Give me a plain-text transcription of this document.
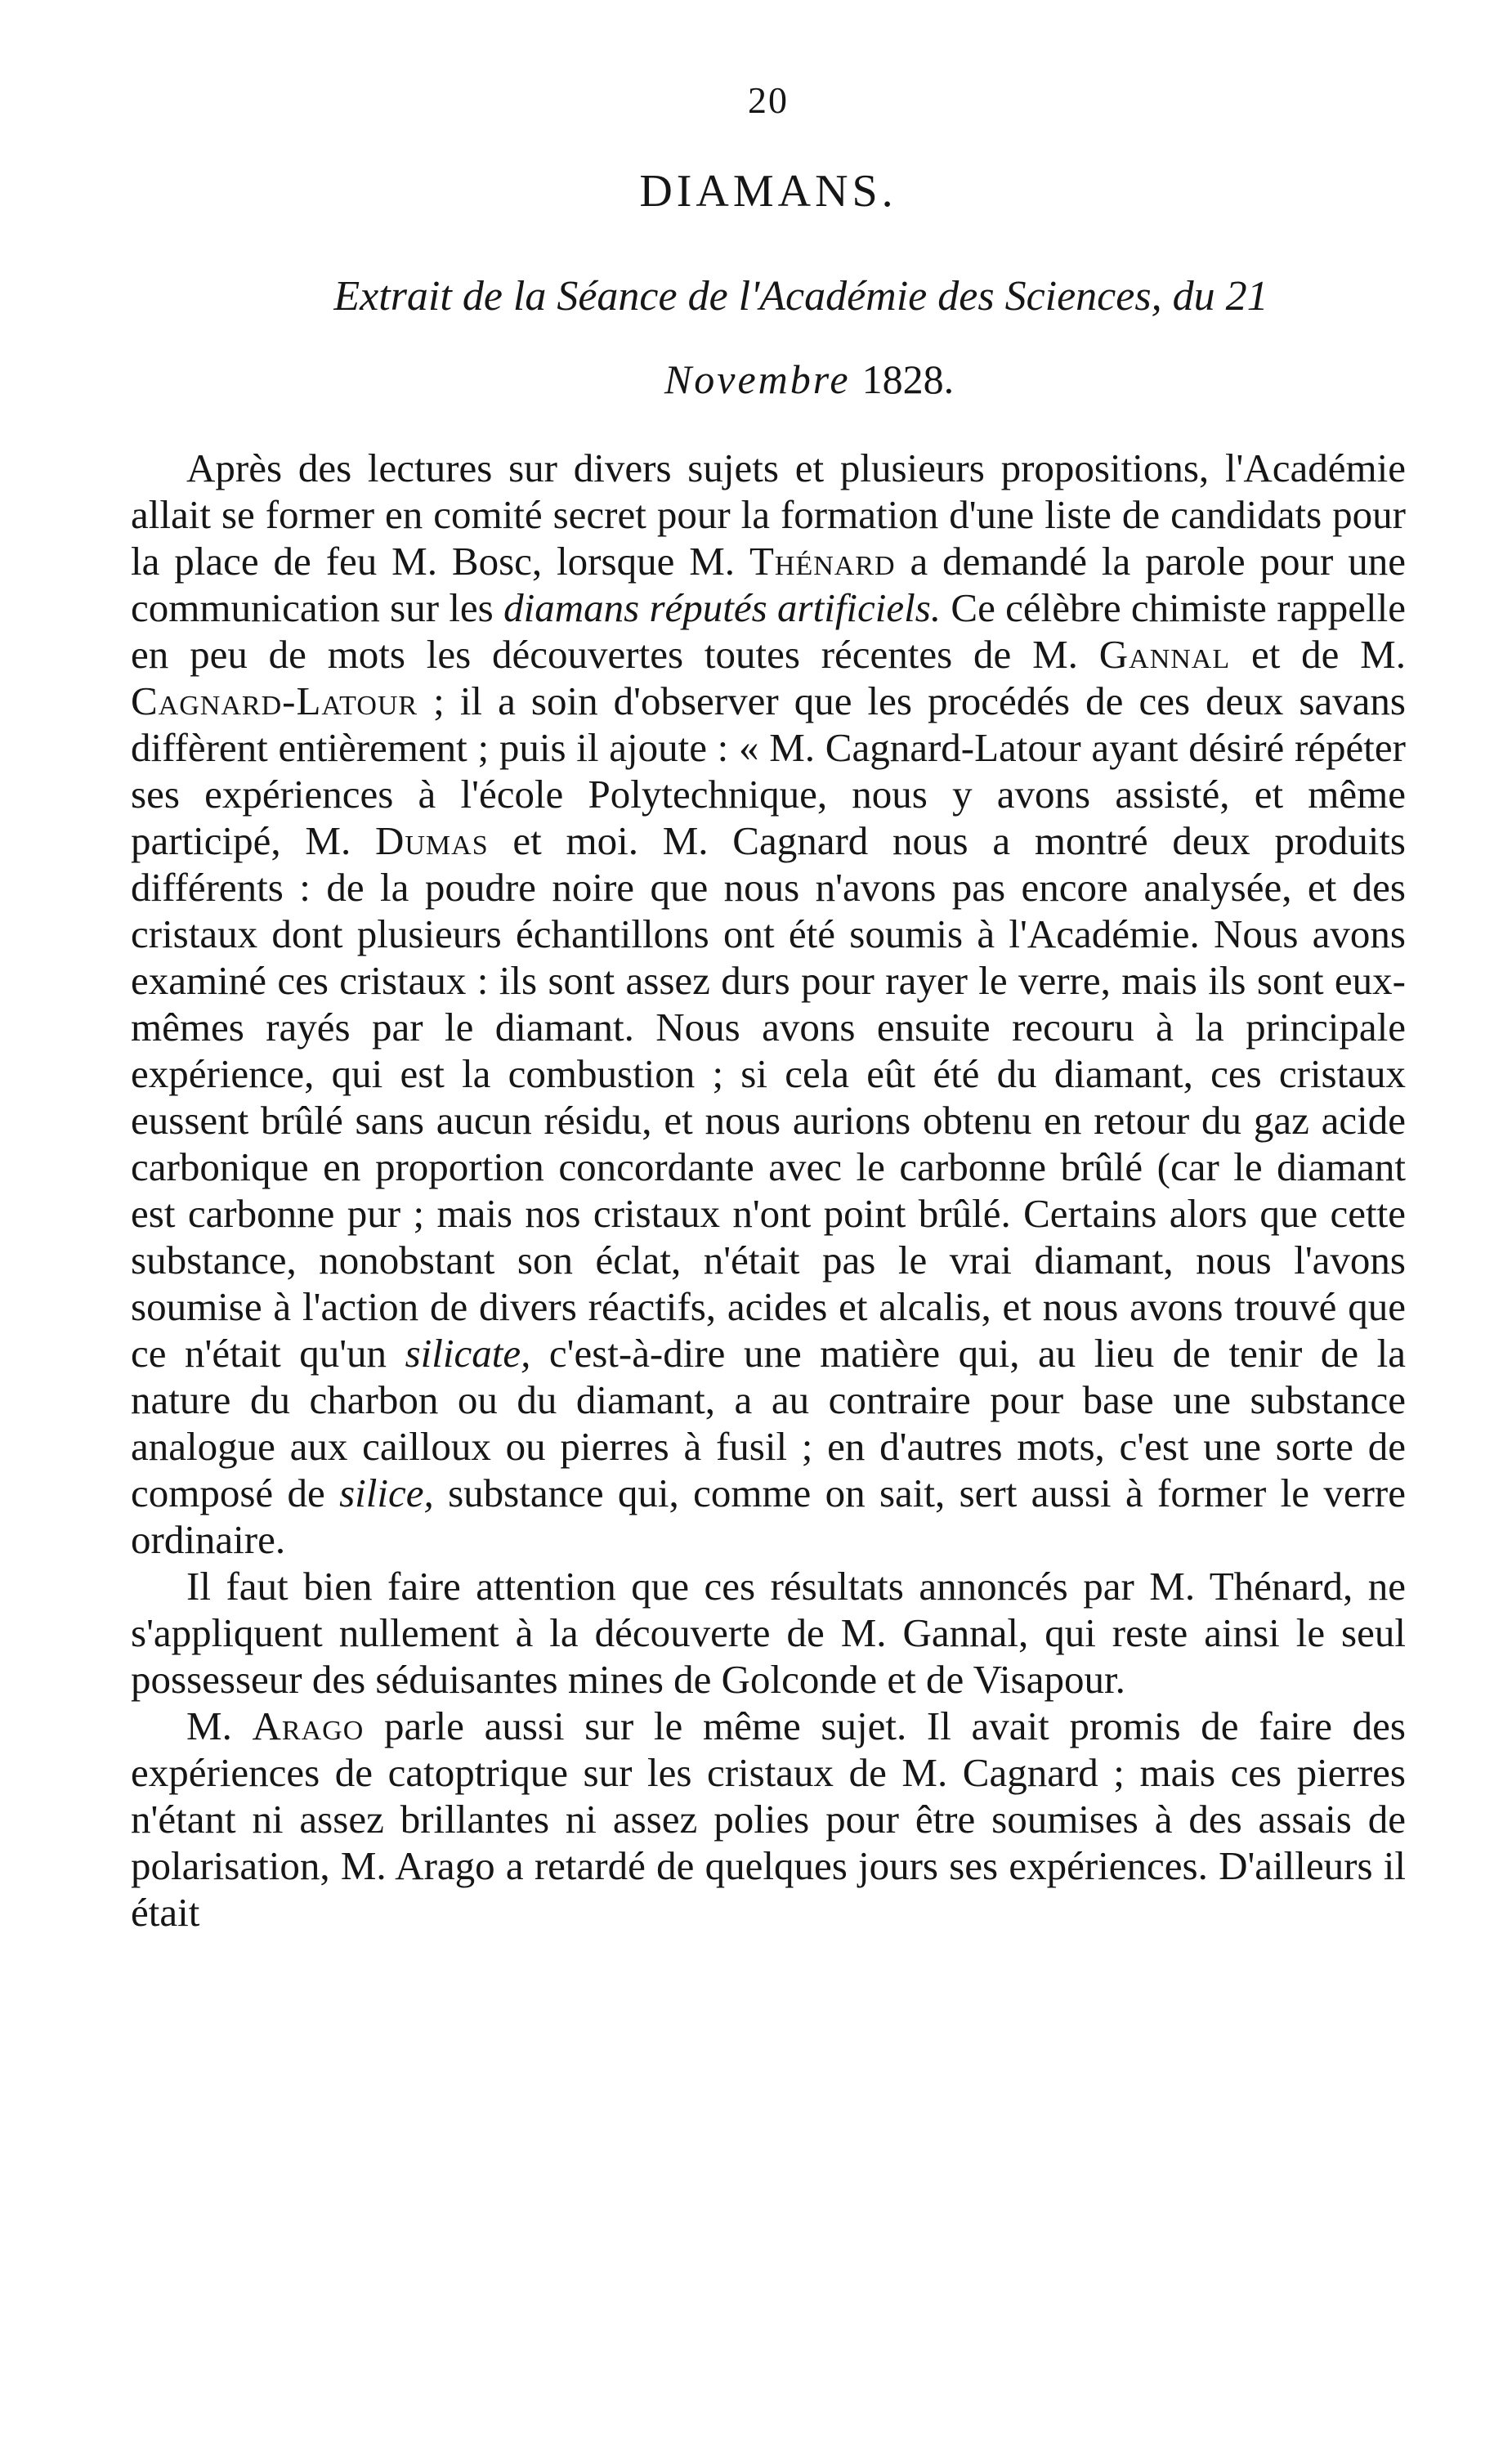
20
DIAMANS.
Extrait de la Séance de l'Académie des Sciences, du 21
Novembre 1828.

Après des lectures sur divers sujets et plusieurs propositions, l'Académie allait se former en comité secret pour la formation d'une liste de candidats pour la place de feu M. Bosc, lorsque M. Thénard a demandé la parole pour une communication sur les diamans réputés artificiels. Ce célèbre chimiste rappelle en peu de mots les découvertes toutes récentes de M. Gannal et de M. Cagnard-Latour ; il a soin d'observer que les procédés de ces deux savans diffèrent entièrement ; puis il ajoute : « M. Cagnard-Latour ayant désiré répéter ses expériences à l'école Polytechnique, nous y avons assisté, et même participé, M. Dumas et moi. M. Cagnard nous a montré deux produits différents : de la poudre noire que nous n'avons pas encore analysée, et des cristaux dont plusieurs échantillons ont été soumis à l'Académie. Nous avons examiné ces cristaux : ils sont assez durs pour rayer le verre, mais ils sont eux-mêmes rayés par le diamant. Nous avons ensuite recouru à la principale expérience, qui est la combustion ; si cela eût été du diamant, ces cristaux eussent brûlé sans aucun résidu, et nous aurions obtenu en retour du gaz acide carbonique en proportion concordante avec le carbonne brûlé (car le diamant est carbonne pur ; mais nos cristaux n'ont point brûlé. Certains alors que cette substance, nonobstant son éclat, n'était pas le vrai diamant, nous l'avons soumise à l'action de divers réactifs, acides et alcalis, et nous avons trouvé que ce n'était qu'un silicate, c'est-à-dire une matière qui, au lieu de tenir de la nature du charbon ou du diamant, a au contraire pour base une substance analogue aux cailloux ou pierres à fusil ; en d'autres mots, c'est une sorte de composé de silice, substance qui, comme on sait, sert aussi à former le verre ordinaire.

Il faut bien faire attention que ces résultats annoncés par M. Thénard, ne s'appliquent nullement à la découverte de M. Gannal, qui reste ainsi le seul possesseur des séduisantes mines de Golconde et de Visapour.

M. Arago parle aussi sur le même sujet. Il avait promis de faire des expériences de catoptrique sur les cristaux de M. Cagnard ; mais ces pierres n'étant ni assez brillantes ni assez polies pour être soumises à des assais de polarisation, M. Arago a retardé de quelques jours ses expériences. D'ailleurs il était
